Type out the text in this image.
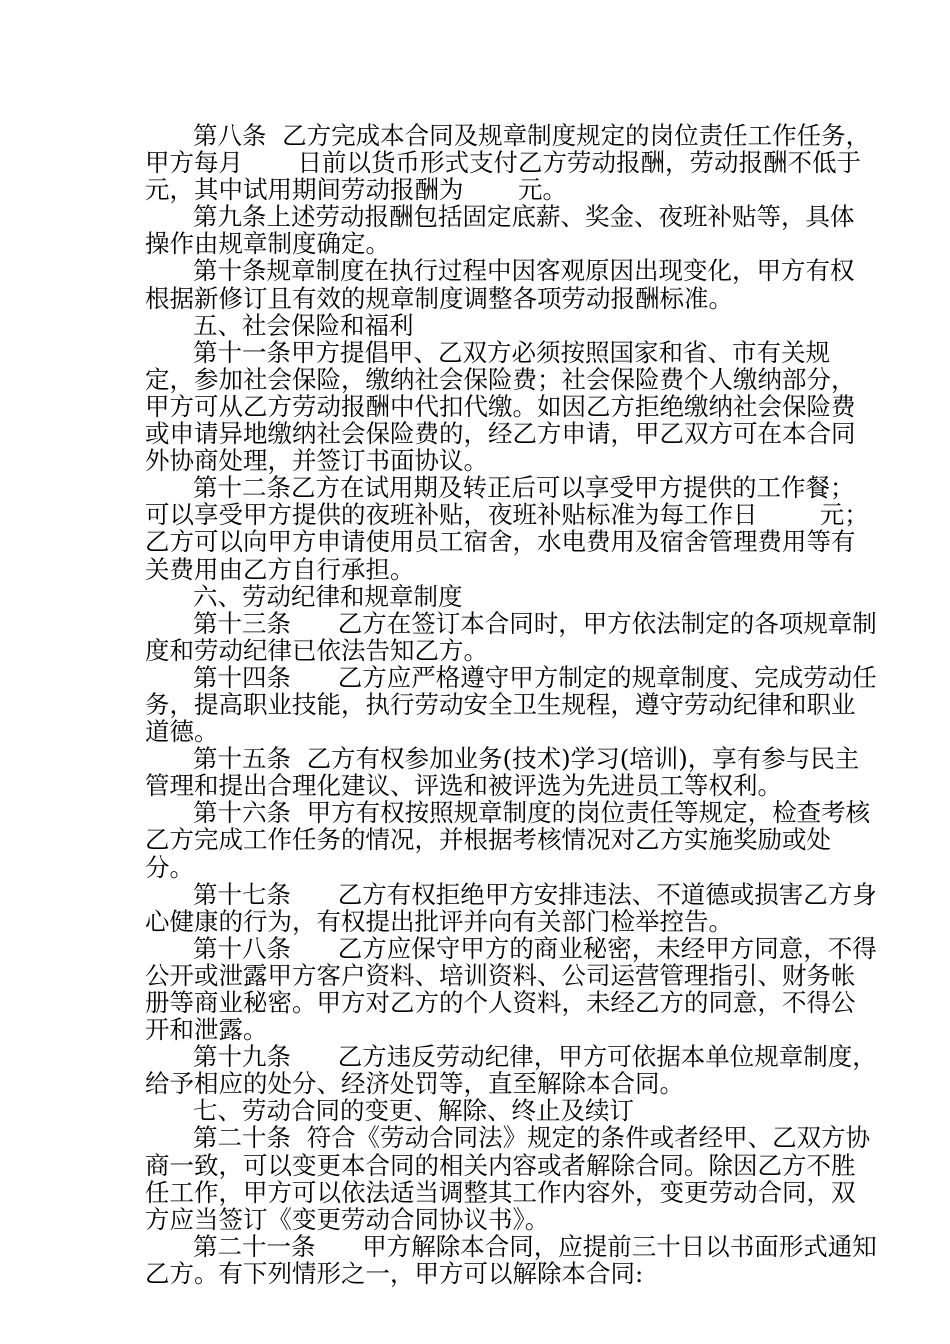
第八条  乙方完成本合同及规章制度规定的岗位责任工作任务，
甲方每月       日前以货币形式支付乙方劳动报酬，劳动报酬不低于
元，其中试用期间劳动报酬为       元。
第九条上述劳动报酬包括固定底薪、奖金、夜班补贴等，具体
操作由规章制度确定。
第十条规章制度在执行过程中因客观原因出现变化，甲方有权
根据新修订且有效的规章制度调整各项劳动报酬标准。
五、社会保险和福利
第十一条甲方提倡甲、乙双方必须按照国家和省、市有关规
定，参加社会保险，缴纳社会保险费；社会保险费个人缴纳部分，
甲方可从乙方劳动报酬中代扣代缴。如因乙方拒绝缴纳社会保险费
或申请异地缴纳社会保险费的，经乙方申请，甲乙双方可在本合同
外协商处理，并签订书面协议。
第十二条乙方在试用期及转正后可以享受甲方提供的工作餐；
可以享受甲方提供的夜班补贴，夜班补贴标准为每工作日        元；
乙方可以向甲方申请使用员工宿舍，水电费用及宿舍管理费用等有
关费用由乙方自行承担。
六、劳动纪律和规章制度
第十三条      乙方在签订本合同时，甲方依法制定的各项规章制
度和劳动纪律已依法告知乙方。
第十四条      乙方应严格遵守甲方制定的规章制度、完成劳动任
务，提高职业技能，执行劳动安全卫生规程，遵守劳动纪律和职业
道德。
第十五条  乙方有权参加业务(技术)学习(培训)，享有参与民主
管理和提出合理化建议、评选和被评选为先进员工等权利。
第十六条  甲方有权按照规章制度的岗位责任等规定，检查考核
乙方完成工作任务的情况，并根据考核情况对乙方实施奖励或处
分。
第十七条      乙方有权拒绝甲方安排违法、不道德或损害乙方身
心健康的行为，有权提出批评并向有关部门检举控告。
第十八条      乙方应保守甲方的商业秘密，未经甲方同意，不得
公开或泄露甲方客户资料、培训资料、公司运营管理指引、财务帐
册等商业秘密。甲方对乙方的个人资料，未经乙方的同意，不得公
开和泄露。
第十九条      乙方违反劳动纪律，甲方可依据本单位规章制度，
给予相应的处分、经济处罚等，直至解除本合同。
七、劳动合同的变更、解除、终止及续订
第二十条  符合《劳动合同法》规定的条件或者经甲、乙双方协
商一致，可以变更本合同的相关内容或者解除合同。除因乙方不胜
任工作，甲方可以依法适当调整其工作内容外，变更劳动合同，双
方应当签订《变更劳动合同协议书》。
第二十一条      甲方解除本合同，应提前三十日以书面形式通知
乙方。有下列情形之一，甲方可以解除本合同:
